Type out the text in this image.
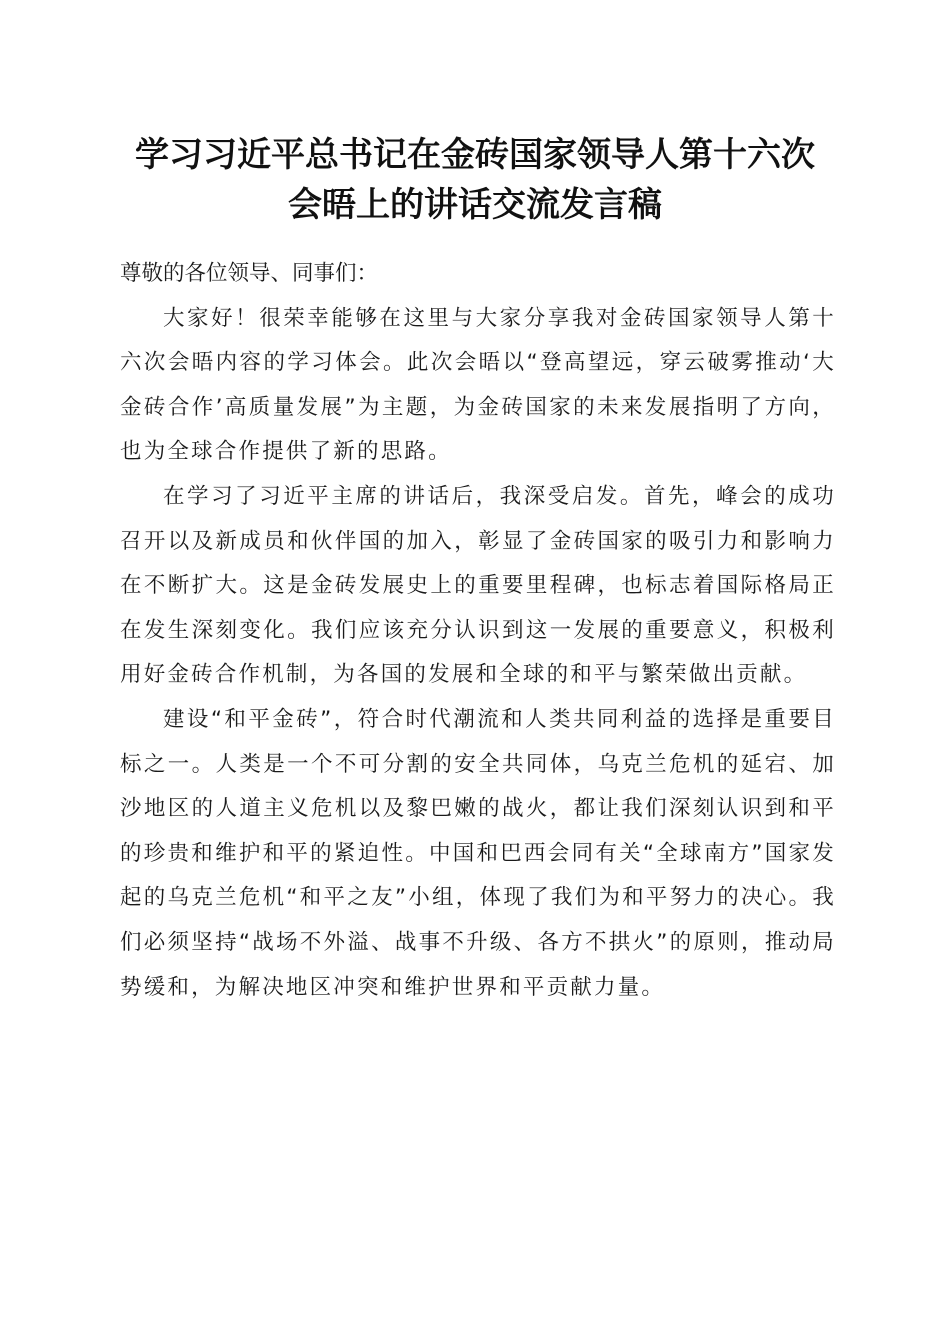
学习习近平总书记在金砖国家领导人第十六次
会晤上的讲话交流发言稿

尊敬的各位领导、同事们：

大家好！很荣幸能够在这里与大家分享我对金砖国家领导人第十六次会晤内容的学习体会。此次会晤以“登高望远，穿云破雾推动‘大金砖合作’高质量发展”为主题，为金砖国家的未来发展指明了方向，也为全球合作提供了新的思路。

在学习了习近平主席的讲话后，我深受启发。首先，峰会的成功召开以及新成员和伙伴国的加入，彰显了金砖国家的吸引力和影响力在不断扩大。这是金砖发展史上的重要里程碑，也标志着国际格局正在发生深刻变化。我们应该充分认识到这一发展的重要意义，积极利用好金砖合作机制，为各国的发展和全球的和平与繁荣做出贡献。

建设“和平金砖”，符合时代潮流和人类共同利益的选择是重要目标之一。人类是一个不可分割的安全共同体，乌克兰危机的延宕、加沙地区的人道主义危机以及黎巴嫩的战火，都让我们深刻认识到和平的珍贵和维护和平的紧迫性。中国和巴西会同有关“全球南方”国家发起的乌克兰危机“和平之友”小组，体现了我们为和平努力的决心。我们必须坚持“战场不外溢、战事不升级、各方不拱火”的原则，推动局势缓和，为解决地区冲突和维护世界和平贡献力量。
